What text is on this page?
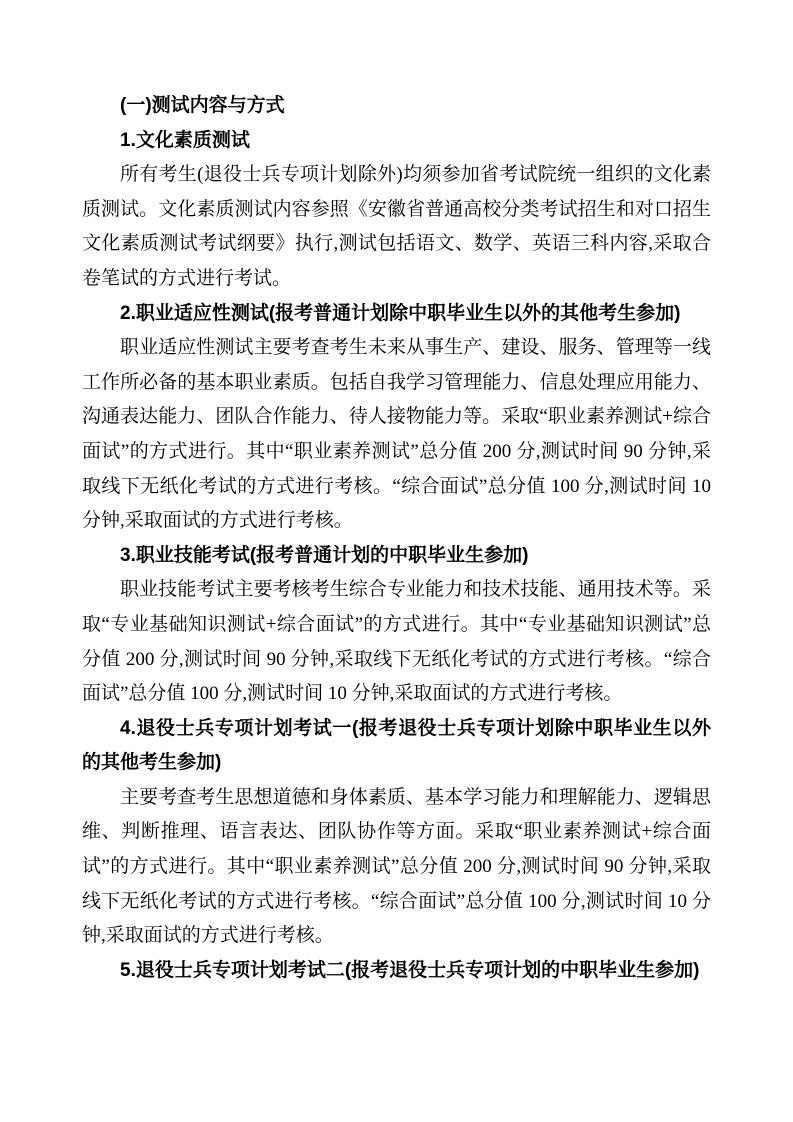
(一)测试内容与方式

1.文化素质测试

所有考生(退役士兵专项计划除外)均须参加省考试院统一组织的文化素质测试。文化素质测试内容参照《安徽省普通高校分类考试招生和对口招生文化素质测试考试纲要》执行,测试包括语文、数学、英语三科内容,采取合卷笔试的方式进行考试。

2.职业适应性测试(报考普通计划除中职毕业生以外的其他考生参加)

职业适应性测试主要考查考生未来从事生产、建设、服务、管理等一线工作所必备的基本职业素质。包括自我学习管理能力、信息处理应用能力、沟通表达能力、团队合作能力、待人接物能力等。采取“职业素养测试+综合面试”的方式进行。其中“职业素养测试”总分值 200 分,测试时间 90 分钟,采取线下无纸化考试的方式进行考核。“综合面试”总分值 100 分,测试时间 10 分钟,采取面试的方式进行考核。

3.职业技能考试(报考普通计划的中职毕业生参加)

职业技能考试主要考核考生综合专业能力和技术技能、通用技术等。采取“专业基础知识测试+综合面试”的方式进行。其中“专业基础知识测试”总分值 200 分,测试时间 90 分钟,采取线下无纸化考试的方式进行考核。“综合面试”总分值 100 分,测试时间 10 分钟,采取面试的方式进行考核。

4.退役士兵专项计划考试一(报考退役士兵专项计划除中职毕业生以外的其他考生参加)

主要考查考生思想道德和身体素质、基本学习能力和理解能力、逻辑思维、判断推理、语言表达、团队协作等方面。采取“职业素养测试+综合面试”的方式进行。其中“职业素养测试”总分值 200 分,测试时间 90 分钟,采取线下无纸化考试的方式进行考核。“综合面试”总分值 100 分,测试时间 10 分钟,采取面试的方式进行考核。

5.退役士兵专项计划考试二(报考退役士兵专项计划的中职毕业生参加)
